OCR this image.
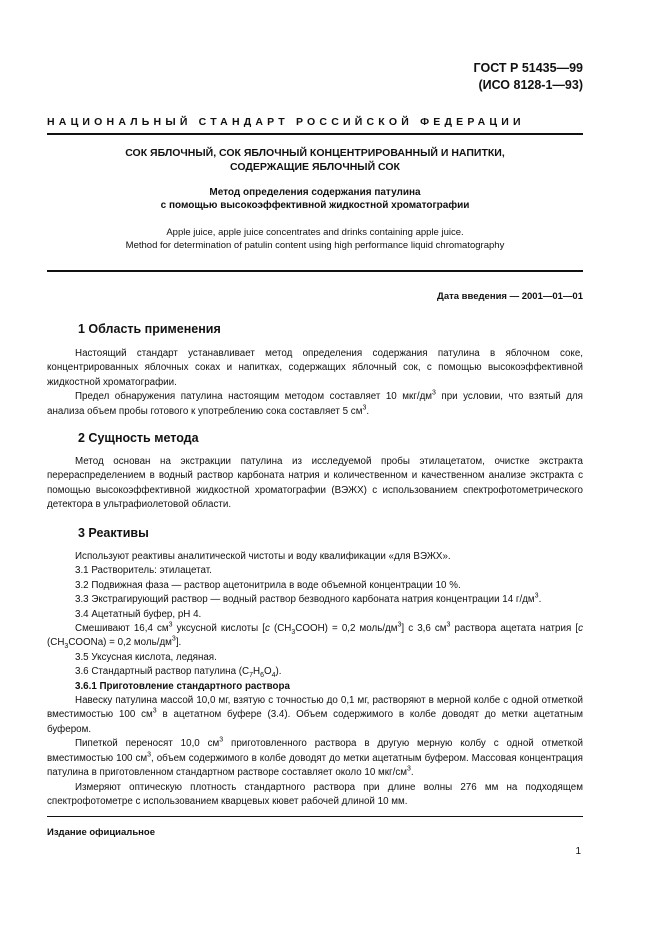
ГОСТ Р 51435—99
(ИСО 8128-1—93)
НАЦИОНАЛЬНЫЙ СТАНДАРТ РОССИЙСКОЙ ФЕДЕРАЦИИ
СОК ЯБЛОЧНЫЙ, СОК ЯБЛОЧНЫЙ КОНЦЕНТРИРОВАННЫЙ И НАПИТКИ,
СОДЕРЖАЩИЕ ЯБЛОЧНЫЙ СОК
Метод определения содержания патулина
с помощью высокоэффективной жидкостной хроматографии
Apple juice, apple juice concentrates and drinks containing apple juice.
Method for determination of patulin content using high performance liquid chromatography
Дата введения — 2001—01—01
1 Область применения

Настоящий стандарт устанавливает метод определения содержания патулина в яблочном соке, концентрированных яблочных соках и напитках, содержащих яблочный сок, с помощью высокоэффективной жидкостной хроматографии.

Предел обнаружения патулина настоящим методом составляет 10 мкг/$дм^3$ при условии, что взятый для анализа объем пробы готового к употреблению сока составляет 5 $см^3$.

2 Сущность метода

Метод основан на экстракции патулина из исследуемой пробы этилацетатом, очистке экстракта перераспределением в водный раствор карбоната натрия и количественном и качественном анализе экстракта с помощью высокоэффективной жидкостной хроматографии (ВЭЖХ) с использованием спектрофотометрического детектора в ультрафиолетовой области.

3 Реактивы

Используют реактивы аналитической чистоты и воду квалификации «для ВЭЖХ».

3.1 Растворитель: этилацетат.

3.2 Подвижная фаза — раствор ацетонитрила в воде объемной концентрации 10 %.

3.3 Экстрагирующий раствор — водный раствор безводного карбоната натрия концентрации 14 $г/дм^3$.

3.4 Ацетатный буфер, pH 4.

Смешивают 16,4 $см^3$ уксусной кислоты [c $(CH_3COOH) = 0,2$ моль/$дм^3$] с 3,6 $см^3$ раствора ацетата натрия [c $(CH_3COONa) = 0,2$ моль/$дм^3$].

3.5 Уксусная кислота, ледяная.

3.6 Стандартный раствор патулина $(C_7H_6O_4)$.

3.6.1 Приготовление стандартного раствора

Навеску патулина массой 10,0 мг, взятую с точностью до 0,1 мг, растворяют в мерной колбе с одной отметкой вместимостью 100 $см^3$ в ацетатном буфере (3.4). Объем содержимого в колбе доводят до метки ацетатным буфером.

Пипеткой переносят 10,0 $см^3$ приготовленного раствора в другую мерную колбу с одной отметкой вместимостью 100 $см^3$, объем содержимого в колбе доводят до метки ацетатным буфером. Массовая концентрация патулина в приготовленном стандартном растворе составляет около 10 мкг/$см^3$.

Измеряют оптическую плотность стандартного раствора при длине волны 276 мм на подходящем спектрофотометре с использованием кварцевых кювет рабочей длиной 10 мм.

Издание официальное
1
